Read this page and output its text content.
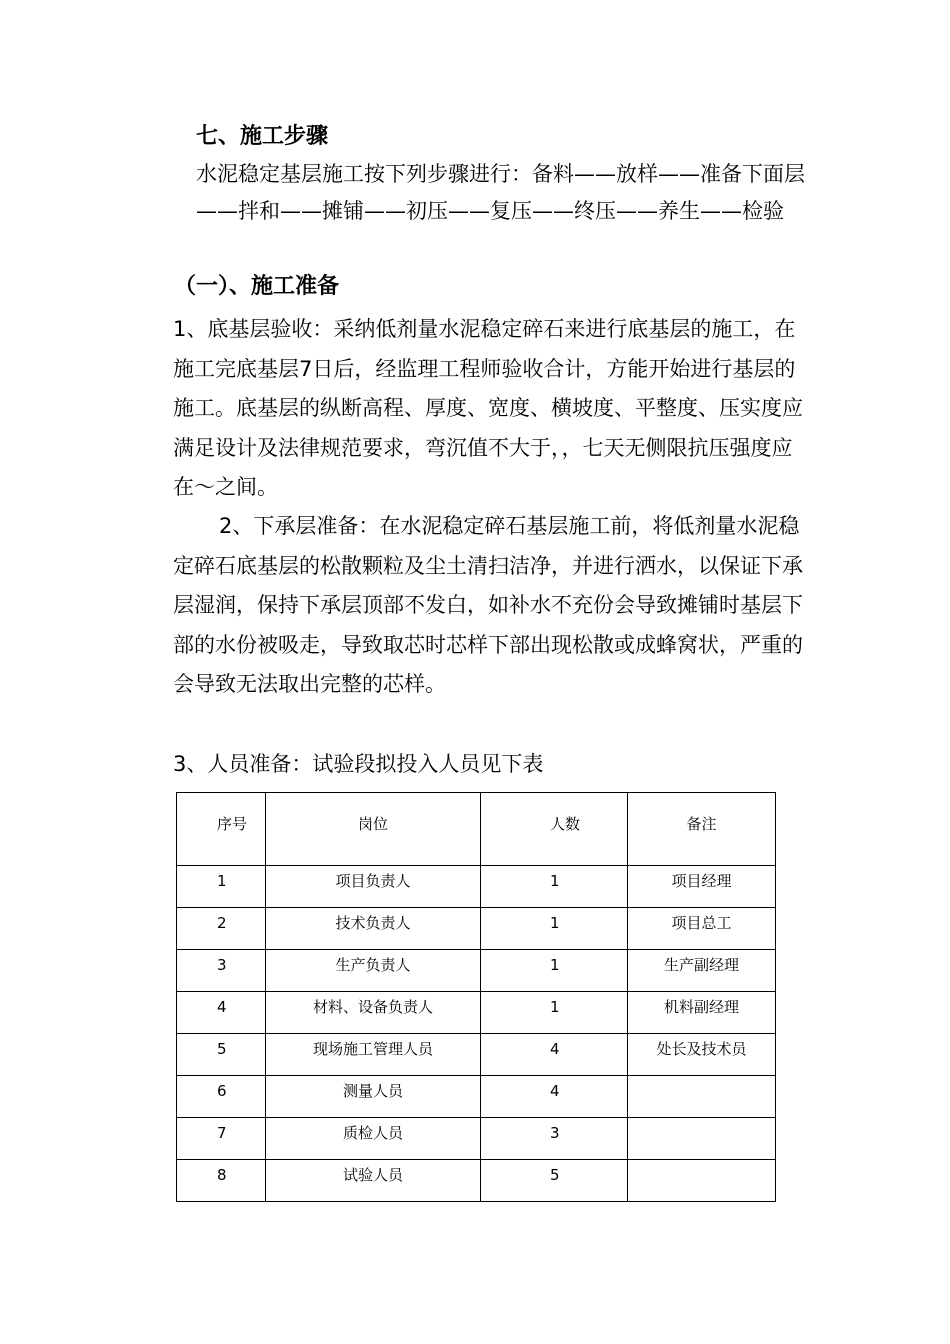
七、施工步骤

水泥稳定基层施工按下列步骤进行：备料——放样——准备下面层——拌和——摊铺——初压——复压——终压——养生——检验

（一）、施工准备

1、底基层验收：采纳低剂量水泥稳定碎石来进行底基层的施工，在施工完底基层7日后，经监理工程师验收合计，方能开始进行基层的施工。底基层的纵断高程、厚度、宽度、横坡度、平整度、压实度应满足设计及法律规范要求，弯沉值不大于，，七天无侧限抗压强度应在～之间。

2、下承层准备：在水泥稳定碎石基层施工前，将低剂量水泥稳定碎石底基层的松散颗粒及尘土清扫洁净，并进行洒水，以保证下承层湿润，保持下承层顶部不发白，如补水不充份会导致摊铺时基层下部的水份被吸走，导致取芯时芯样下部出现松散或成蜂窝状，严重的会导致无法取出完整的芯样。

3、人员准备：试验段拟投入人员见下表

序号	岗位	人数	备注
1	项目负责人	1	项目经理
2	技术负责人	1	项目总工
3	生产负责人	1	生产副经理
4	材料、设备负责人	1	机料副经理
5	现场施工管理人员	4	处长及技术员
6	测量人员	4	
7	质检人员	3	
8	试验人员	5	
